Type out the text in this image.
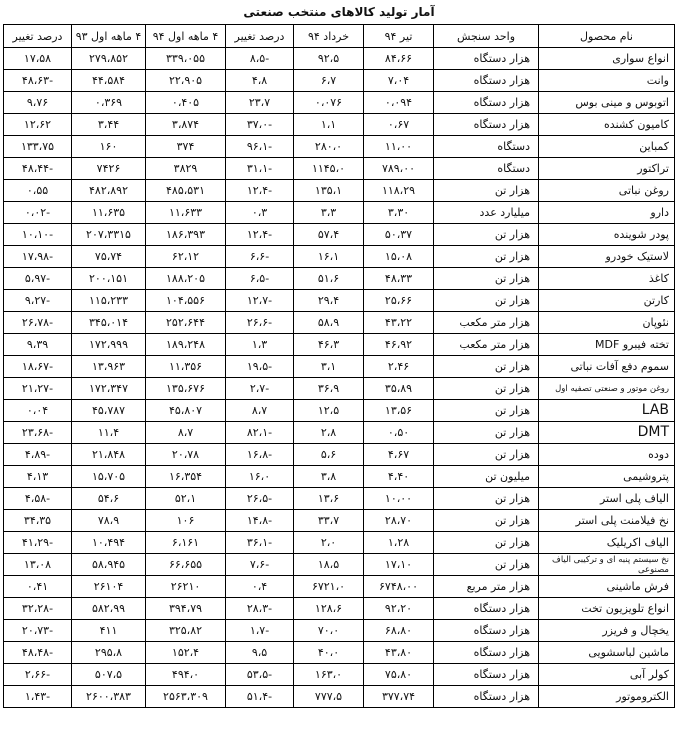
آمار تولید کالاهای منتخب صنعتی
نام محصول	واحد سنجش	تیر ۹۴	خرداد ۹۴	درصد تغییر	۴ ماهه اول ۹۴	۴ ماهه اول ۹۳	درصد تغییر
انواع سواری	هزار دستگاه	۸۴،۶۶	۹۲،۵	-۸،۵	۳۳۹،۰۵۵	۲۷۹،۸۵۲	۱۷،۵۸
وانت	هزار دستگاه	۷،۰۴	۶،۷	۴،۸	۲۲،۹۰۵	۴۴،۵۸۴	-۴۸،۶۳
اتوبوس و مینی بوس	هزار دستگاه	۰،۰۹۴	۰،۰۷۶	۲۳،۷	۰،۴۰۵	۰،۳۶۹	۹،۷۶
کامیون کشنده	هزار دستگاه	۰،۶۷	۱،۱	-۳۷،۰	۳،۸۷۴	۳،۴۴	۱۲،۶۲
کمباین	دستگاه	۱۱،۰۰	۲۸۰،۰	-۹۶،۱	۳۷۴	۱۶۰	۱۳۳،۷۵
تراکتور	دستگاه	۷۸۹،۰۰	۱۱۴۵،۰	-۳۱،۱	۳۸۲۹	۷۴۲۶	-۴۸،۴۴
روغن نباتی	هزار تن	۱۱۸،۲۹	۱۳۵،۱	-۱۲،۴	۴۸۵،۵۳۱	۴۸۲،۸۹۲	۰،۵۵
دارو	میلیارد عدد	۳،۳۰	۳،۳	۰،۳	۱۱،۶۳۳	۱۱،۶۳۵	-۰،۰۲
پودر شوینده	هزار تن	۵۰،۳۷	۵۷،۴	-۱۲،۴	۱۸۶،۳۹۳	۲۰۷،۳۳۱۵	-۱۰،۱۰
لاستیک خودرو	هزار تن	۱۵،۰۸	۱۶،۱	-۶،۶	۶۲،۱۲	۷۵،۷۴	-۱۷،۹۸
کاغذ	هزار تن	۴۸،۳۳	۵۱،۶	-۶،۵	۱۸۸،۲۰۵	۲۰۰،۱۵۱	-۵،۹۷
کارتن	هزار تن	۲۵،۶۶	۲۹،۴	-۱۲،۷	۱۰۴،۵۵۶	۱۱۵،۲۳۳	-۹،۲۷
نئوپان	هزار متر مکعب	۴۳،۲۲	۵۸،۹	-۲۶،۶	۲۵۲،۶۴۴	۳۴۵،۰۱۴	-۲۶،۷۸
تخته فیبرو MDF	هزار متر مکعب	۴۶،۹۲	۴۶،۳	۱،۳	۱۸۹،۲۴۸	۱۷۲،۹۹۹	۹،۳۹
سموم دفع آفات نباتی	هزار تن	۲،۴۶	۳،۱	-۱۹،۵	۱۱،۳۵۶	۱۳،۹۶۳	-۱۸،۶۷
روغن موتور و صنعتی تصفیه اول	هزار تن	۳۵،۸۹	۳۶،۹	-۲،۷	۱۳۵،۶۷۶	۱۷۲،۳۴۷	-۲۱،۲۷
LAB	هزار تن	۱۳،۵۶	۱۲،۵	۸،۷	۴۵،۸۰۷	۴۵،۷۸۷	۰،۰۴
DMT	هزار تن	۰،۵۰	۲،۸	-۸۲،۱	۸،۷	۱۱،۴	-۲۳،۶۸
دوده	هزار تن	۴،۶۷	۵،۶	-۱۶،۸	۲۰،۷۸	۲۱،۸۴۸	-۴،۸۹
پتروشیمی	میلیون تن	۴،۴۰	۳،۸	۱۶،۰	۱۶،۳۵۴	۱۵،۷۰۵	۴،۱۳
الیاف پلی استر	هزار تن	۱۰،۰۰	۱۳،۶	-۲۶،۵	۵۲،۱	۵۴،۶	-۴،۵۸
نخ فیلامنت پلی استر	هزار تن	۲۸،۷۰	۳۳،۷	-۱۴،۸	۱۰۶	۷۸،۹	۳۴،۳۵
الیاف اکریلیک	هزار تن	۱،۲۸	۲،۰	-۳۶،۱	۶،۱۶۱	۱۰،۴۹۴	-۴۱،۲۹
نخ سیستم پنبه ای و ترکیبی الیاف مصنوعی	هزار تن	۱۷،۱۰	۱۸،۵	-۷،۶	۶۶،۶۵۵	۵۸،۹۴۵	۱۳،۰۸
فرش ماشینی	هزار متر مربع	۶۷۴۸،۰۰	۶۷۲۱،۰	۰،۴	۲۶۲۱۰	۲۶۱۰۴	۰،۴۱
انواع تلویزیون تخت	هزار دستگاه	۹۲،۲۰	۱۲۸،۶	-۲۸،۳	۳۹۴،۷۹	۵۸۲،۹۹	-۳۲،۲۸
یخچال و فریزر	هزار دستگاه	۶۸،۸۰	۷۰،۰	-۱،۷	۳۲۵،۸۲	۴۱۱	-۲۰،۷۳
ماشین لباسشویی	هزار دستگاه	۴۳،۸۰	۴۰،۰	۹،۵	۱۵۲،۴	۲۹۵،۸	-۴۸،۴۸
کولر آبی	هزار دستگاه	۷۵،۸۰	۱۶۳،۰	-۵۳،۵	۴۹۴،۰	۵۰۷،۵	-۲،۶۶
الکتروموتور	هزار دستگاه	۳۷۷،۷۴	۷۷۷،۵	-۵۱،۴	۲۵۶۳،۳۰۹	۲۶۰۰،۳۸۳	-۱،۴۳
